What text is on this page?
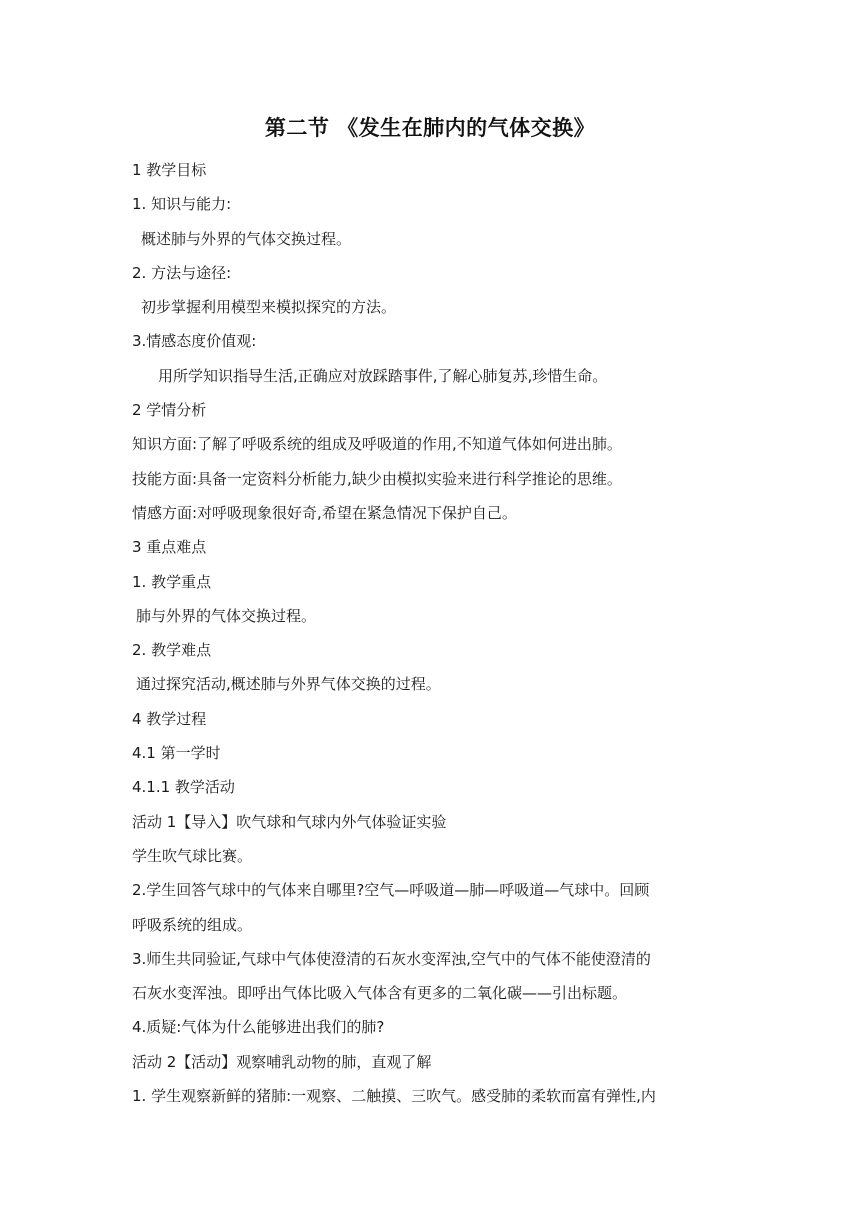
第二节 《发生在肺内的气体交换》
1 教学目标
1. 知识与能力:
概述肺与外界的气体交换过程。
2. 方法与途径:
初步掌握利用模型来模拟探究的方法。
3.情感态度价值观:
用所学知识指导生活,正确应对放踩踏事件,了解心肺复苏,珍惜生命。
2 学情分析
知识方面:了解了呼吸系统的组成及呼吸道的作用,不知道气体如何进出肺。
技能方面:具备一定资料分析能力,缺少由模拟实验来进行科学推论的思维。
情感方面:对呼吸现象很好奇,希望在紧急情况下保护自己。
3 重点难点
1. 教学重点
肺与外界的气体交换过程。
2. 教学难点
通过探究活动,概述肺与外界气体交换的过程。
4 教学过程
4.1 第一学时
4.1.1 教学活动
活动 1【导入】吹气球和气球内外气体验证实验
学生吹气球比赛。
2.学生回答气球中的气体来自哪里?空气—呼吸道—肺—呼吸道—气球中。回顾
呼吸系统的组成。
3.师生共同验证,气球中气体使澄清的石灰水变浑浊,空气中的气体不能使澄清的
石灰水变浑浊。即呼出气体比吸入气体含有更多的二氧化碳——引出标题。
4.质疑:气体为什么能够进出我们的肺?
活动 2【活动】观察哺乳动物的肺，直观了解
1. 学生观察新鲜的猪肺:一观察、二触摸、三吹气。感受肺的柔软而富有弹性,内
